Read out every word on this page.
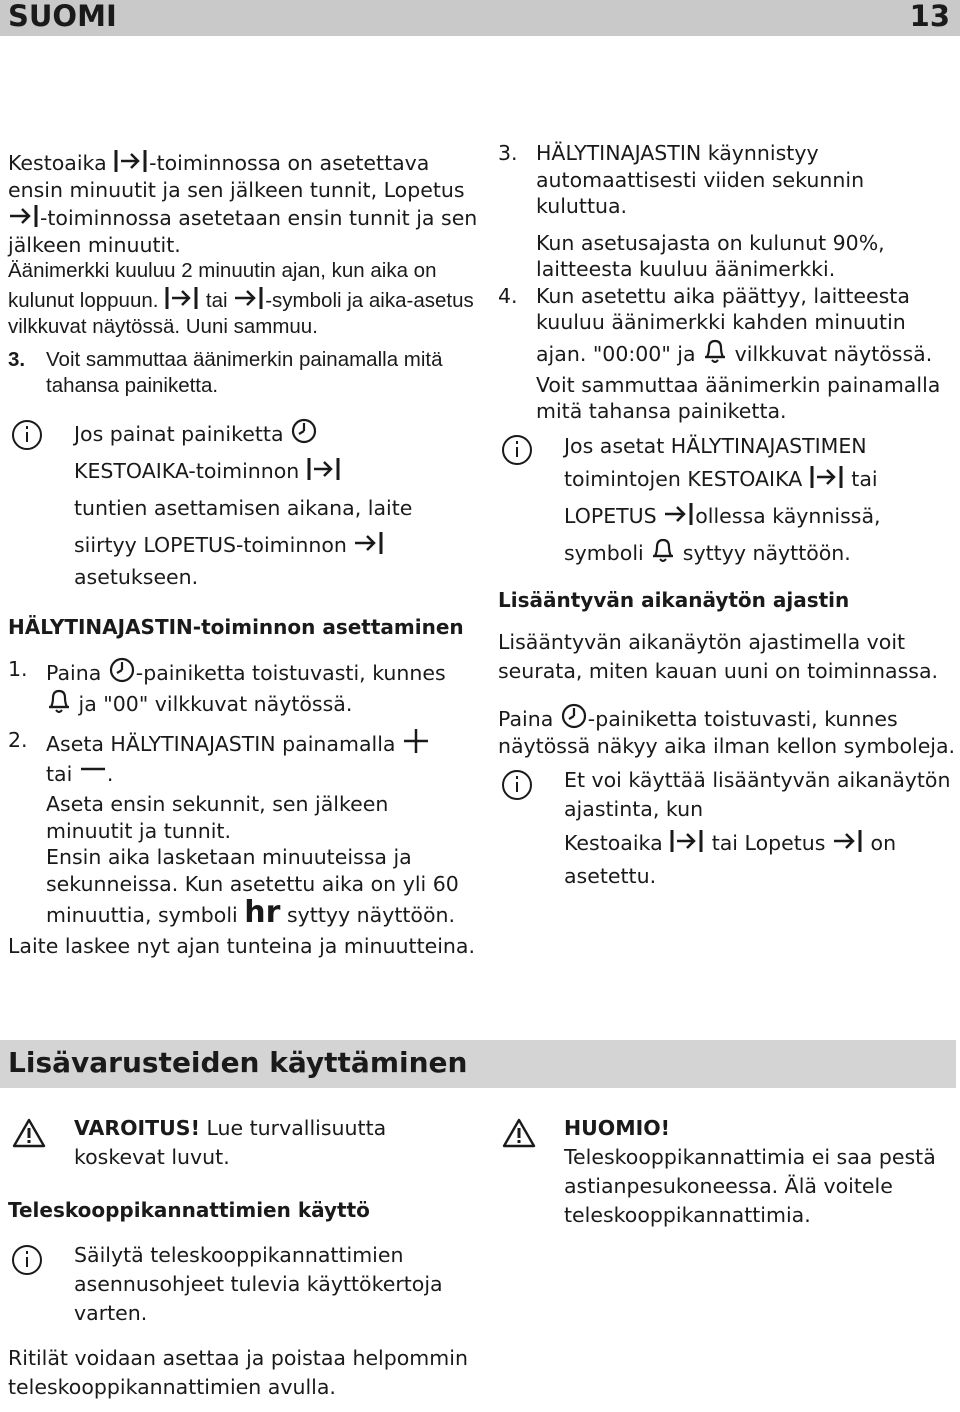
SUOMI	13

Kestoaika -toiminnossa on asetettava ensin minuutit ja sen jälkeen tunnit, Lopetus
-toiminnossa asetetaan ensin tunnit ja sen jälkeen minuutit.

Äänimerkki kuuluu 2 minuutin ajan, kun aika on kulunut loppuun. tai -symboli ja aika-asetus vilkkuvat näytössä. Uuni sammuu.

3.	Voit sammuttaa äänimerkin painamalla mitä tahansa painiketta.

Jos painat painiketta

KESTOAIKA-toiminnon

tuntien asettamisen aikana, laite

siirtyy LOPETUS-toiminnon

asetukseen.

HÄLYTINAJASTIN-toiminnon asettaminen

1. Paina -painiketta toistuvasti, kunnes

ja "00" vilkkuvat näytössä.

2. Aseta HÄLYTINAJASTIN painamalla

tai .

Aseta ensin sekunnit, sen jälkeen minuutit ja tunnit.

Ensin aika lasketaan minuuteissa ja sekunneissa. Kun asetettu aika on yli 60

minuuttia, symboli hr syttyy näyttöön.

Laite laskee nyt ajan tunteina ja minuutteina.

3. HÄLYTINAJASTIN käynnistyy automaattisesti viiden sekunnin kuluttua.

Kun asetusajasta on kulunut 90%, laitteesta kuuluu äänimerkki.

4. Kun asetettu aika päättyy, laitteesta kuuluu äänimerkki kahden minuutin

ajan. "00:00" ja vilkkuvat näytössä.

Voit sammuttaa äänimerkin painamalla mitä tahansa painiketta.

Jos asetat HÄLYTINAJASTIMEN

toimintojen KESTOAIKA tai

LOPETUS ollessa käynnissä,

symboli syttyy näyttöön.

Lisääntyvän aikanäytön ajastin

Lisääntyvän aikanäytön ajastimella voit seurata, miten kauan uuni on toiminnassa.

Paina -painiketta toistuvasti, kunnes näytössä näkyy aika ilman kellon symboleja.

Et voi käyttää lisääntyvän aikanäytön ajastinta, kun

Kestoaika tai Lopetus on

asetettu.

Lisävarusteiden käyttäminen

VAROITUS! Lue turvallisuutta koskevat luvut.

Teleskooppikannattimien käyttö

Säilytä teleskooppikannattimien asennusohjeet tulevia käyttökertoja varten.

Ritilät voidaan asettaa ja poistaa helpommin teleskooppikannattimien avulla.

HUOMIO!

Teleskooppikannattimia ei saa pestä astianpesukoneessa. Älä voitele teleskooppikannattimia.
